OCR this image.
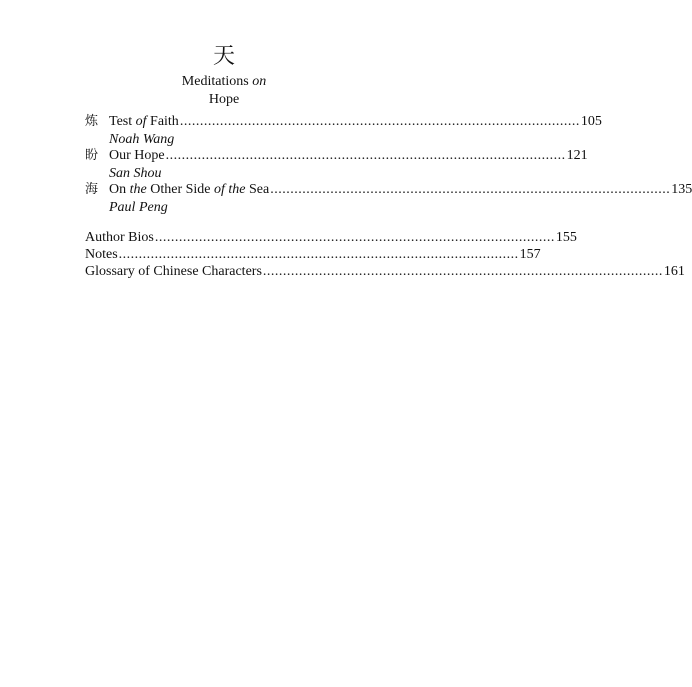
天
Meditations on
Hope
炼 Test of Faith .................................................................................................... 105
Noah Wang
盼 Our Hope .................................................................................................... 121
San Shou
海 On the Other Side of the Sea .................................................................................................... 135
Paul Peng
Author Bios .................................................................................................... 155
Notes .................................................................................................... 157
Glossary of Chinese Characters .................................................................................................... 161
